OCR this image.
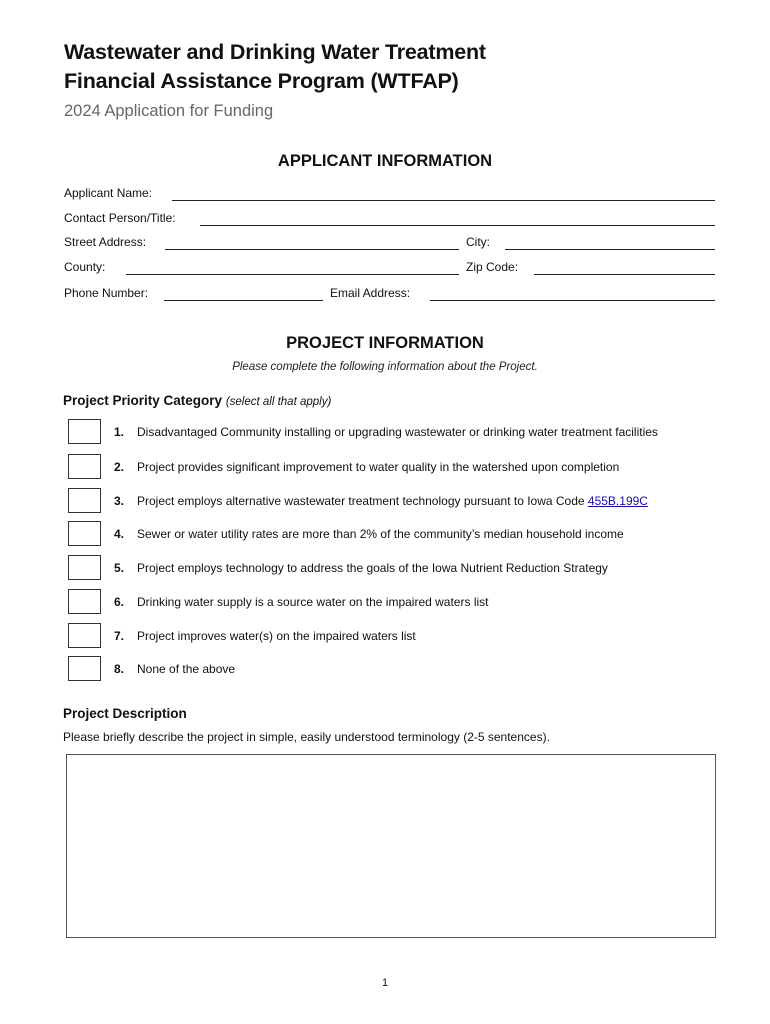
Wastewater and Drinking Water Treatment
Financial Assistance Program (WTFAP)
2024 Application for Funding
APPLICANT INFORMATION
Applicant Name:
Contact Person/Title:
Street Address:	City:
County:	Zip Code:
Phone Number:	Email Address:
PROJECT INFORMATION
Please complete the following information about the Project.
Project Priority Category (select all that apply)
1. Disadvantaged Community installing or upgrading wastewater or drinking water treatment facilities
2. Project provides significant improvement to water quality in the watershed upon completion
3. Project employs alternative wastewater treatment technology pursuant to Iowa Code 455B.199C
4. Sewer or water utility rates are more than 2% of the community’s median household income
5. Project employs technology to address the goals of the Iowa Nutrient Reduction Strategy
6. Drinking water supply is a source water on the impaired waters list
7. Project improves water(s) on the impaired waters list
8. None of the above
Project Description
Please briefly describe the project in simple, easily understood terminology (2-5 sentences).
1
